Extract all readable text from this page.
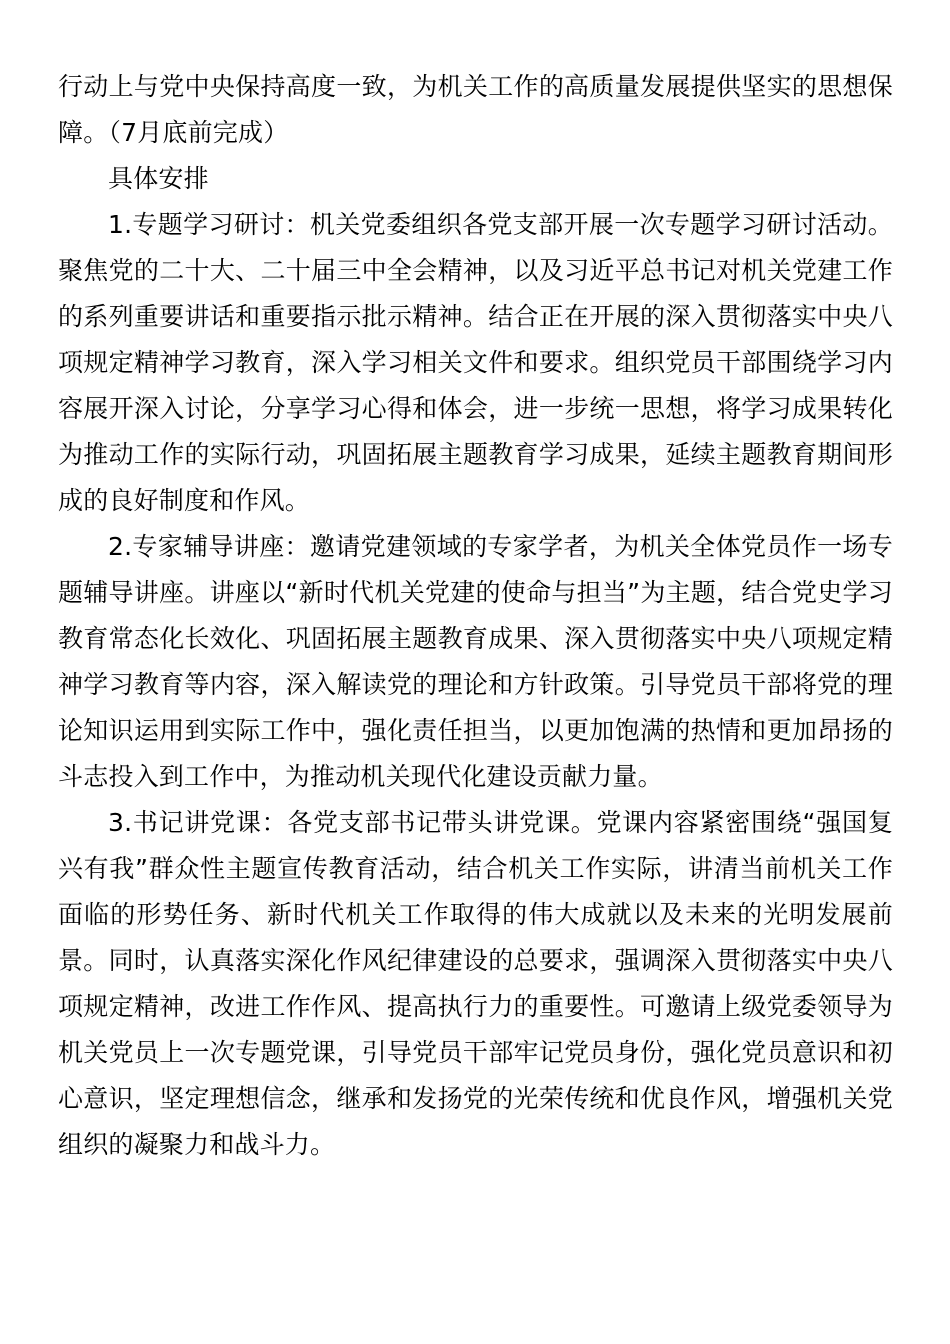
行动上与党中央保持高度一致，为机关工作的高质量发展提供坚实的思想保障。（7月底前完成）

具体安排

1.专题学习研讨：机关党委组织各党支部开展一次专题学习研讨活动。聚焦党的二十大、二十届三中全会精神，以及习近平总书记对机关党建工作的系列重要讲话和重要指示批示精神。结合正在开展的深入贯彻落实中央八项规定精神学习教育，深入学习相关文件和要求。组织党员干部围绕学习内容展开深入讨论，分享学习心得和体会，进一步统一思想，将学习成果转化为推动工作的实际行动，巩固拓展主题教育学习成果，延续主题教育期间形成的良好制度和作风。

2.专家辅导讲座：邀请党建领域的专家学者，为机关全体党员作一场专题辅导讲座。讲座以“新时代机关党建的使命与担当”为主题，结合党史学习教育常态化长效化、巩固拓展主题教育成果、深入贯彻落实中央八项规定精神学习教育等内容，深入解读党的理论和方针政策。引导党员干部将党的理论知识运用到实际工作中，强化责任担当，以更加饱满的热情和更加昂扬的斗志投入到工作中，为推动机关现代化建设贡献力量。

3.书记讲党课：各党支部书记带头讲党课。党课内容紧密围绕“强国复兴有我”群众性主题宣传教育活动，结合机关工作实际，讲清当前机关工作面临的形势任务、新时代机关工作取得的伟大成就以及未来的光明发展前景。同时，认真落实深化作风纪律建设的总要求，强调深入贯彻落实中央八项规定精神，改进工作作风、提高执行力的重要性。可邀请上级党委领导为机关党员上一次专题党课，引导党员干部牢记党员身份，强化党员意识和初心意识，坚定理想信念，继承和发扬党的光荣传统和优良作风，增强机关党组织的凝聚力和战斗力。
